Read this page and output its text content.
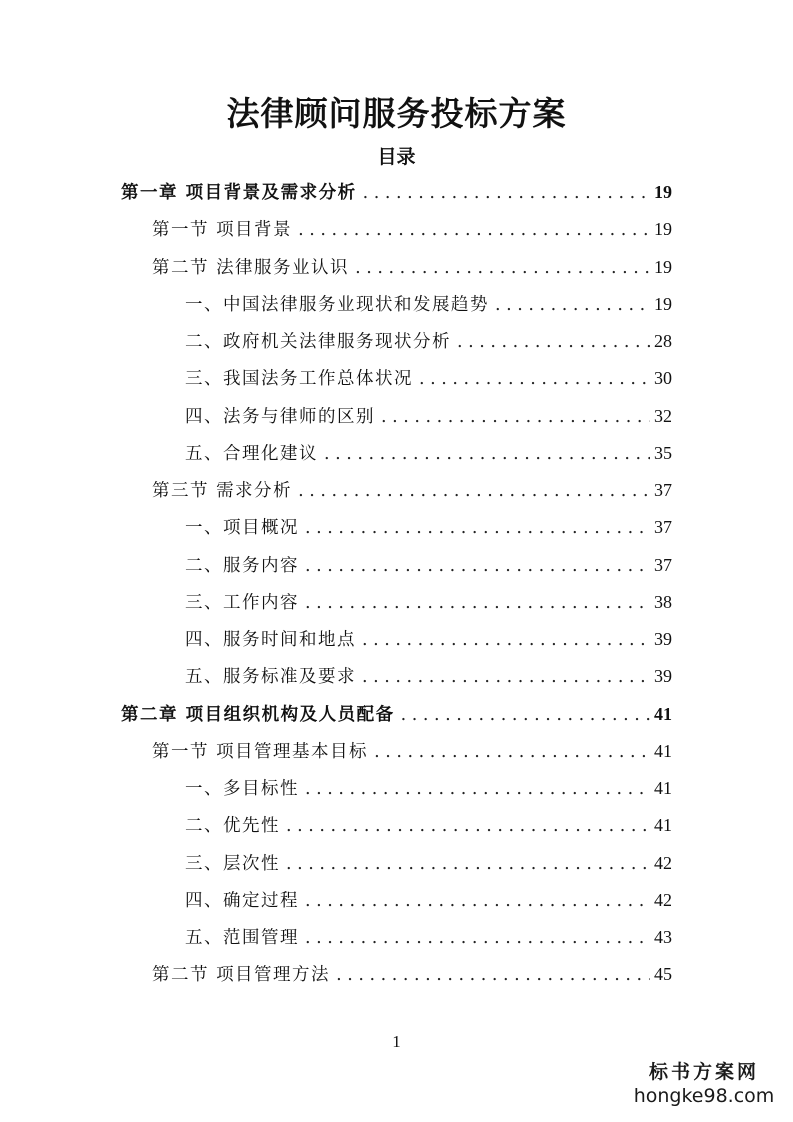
法律顾问服务投标方案
目录
第一章 项目背景及需求分析 . . .	19
第一节 项目背景 . . .	19
第二节 法律服务业认识 . . .	19
一、中国法律服务业现状和发展趋势 . . .	19
二、政府机关法律服务现状分析 . . .	28
三、我国法务工作总体状况 . . .	30
四、法务与律师的区别 . . .	32
五、合理化建议 . . .	35
第三节 需求分析 . . .	37
一、项目概况 . . .	37
二、服务内容 . . .	37
三、工作内容 . . .	38
四、服务时间和地点 . . .	39
五、服务标准及要求 . . .	39
第二章 项目组织机构及人员配备 . . .	41
第一节 项目管理基本目标 . . .	41
一、多目标性 . . .	41
二、优先性 . . .	41
三、层次性 . . .	42
四、确定过程 . . .	42
五、范围管理 . . .	43
第二节 项目管理方法 . . .	45
1
标书方案网
hongke98.com
